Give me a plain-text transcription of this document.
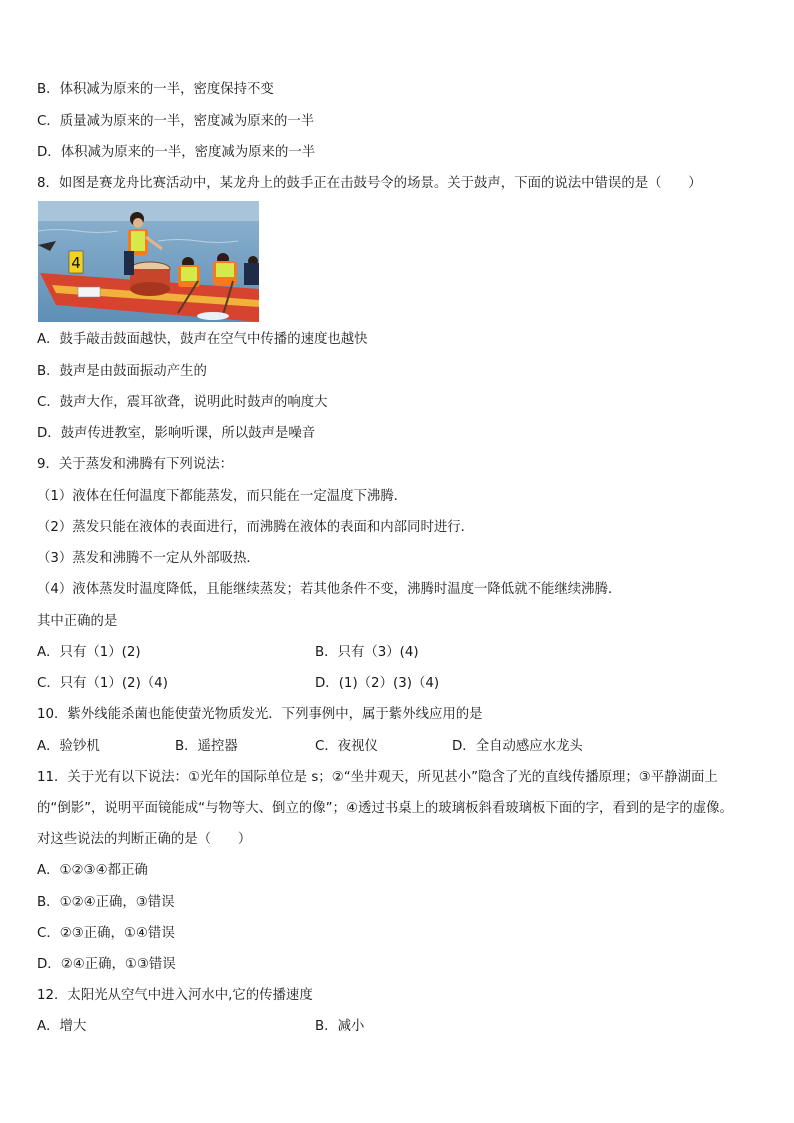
B．体积减为原来的一半，密度保持不变
C．质量减为原来的一半，密度减为原来的一半
D．体积减为原来的一半，密度减为原来的一半
8．如图是赛龙舟比赛活动中，某龙舟上的鼓手正在击鼓号令的场景。关于鼓声，下面的说法中错误的是（　　）
4
A．鼓手敲击鼓面越快，鼓声在空气中传播的速度也越快
B．鼓声是由鼓面振动产生的
C．鼓声大作，震耳欲聋，说明此时鼓声的响度大
D．鼓声传进教室，影响听课，所以鼓声是噪音
9．关于蒸发和沸腾有下列说法：
（1）液体在任何温度下都能蒸发，而只能在一定温度下沸腾．
（2）蒸发只能在液体的表面进行，而沸腾在液体的表面和内部同时进行．
（3）蒸发和沸腾不一定从外部吸热．
（4）液体蒸发时温度降低，且能继续蒸发；若其他条件不变，沸腾时温度一降低就不能继续沸腾．
其中正确的是
A．只有（1）(2)	B．只有（3）(4)
C．只有（1）(2)（4)	D．(1)（2）(3)（4)
10．紫外线能杀菌也能使萤光物质发光．下列事例中，属于紫外线应用的是
A．验钞机	B．遥控器	C．夜视仪	D．全自动感应水龙头
11．关于光有以下说法：①光年的国际单位是 s；②“坐井观天，所见甚小”隐含了光的直线传播原理；③平静湖面上
的“倒影”，说明平面镜能成“与物等大、倒立的像”；④透过书桌上的玻璃板斜看玻璃板下面的字，看到的是字的虚像。
对这些说法的判断正确的是（　　）
A．①②③④都正确
B．①②④正确，③错误
C．②③正确，①④错误
D．②④正确，①③错误
12．太阳光从空气中进入河水中,它的传播速度
A．增大	B．减小
